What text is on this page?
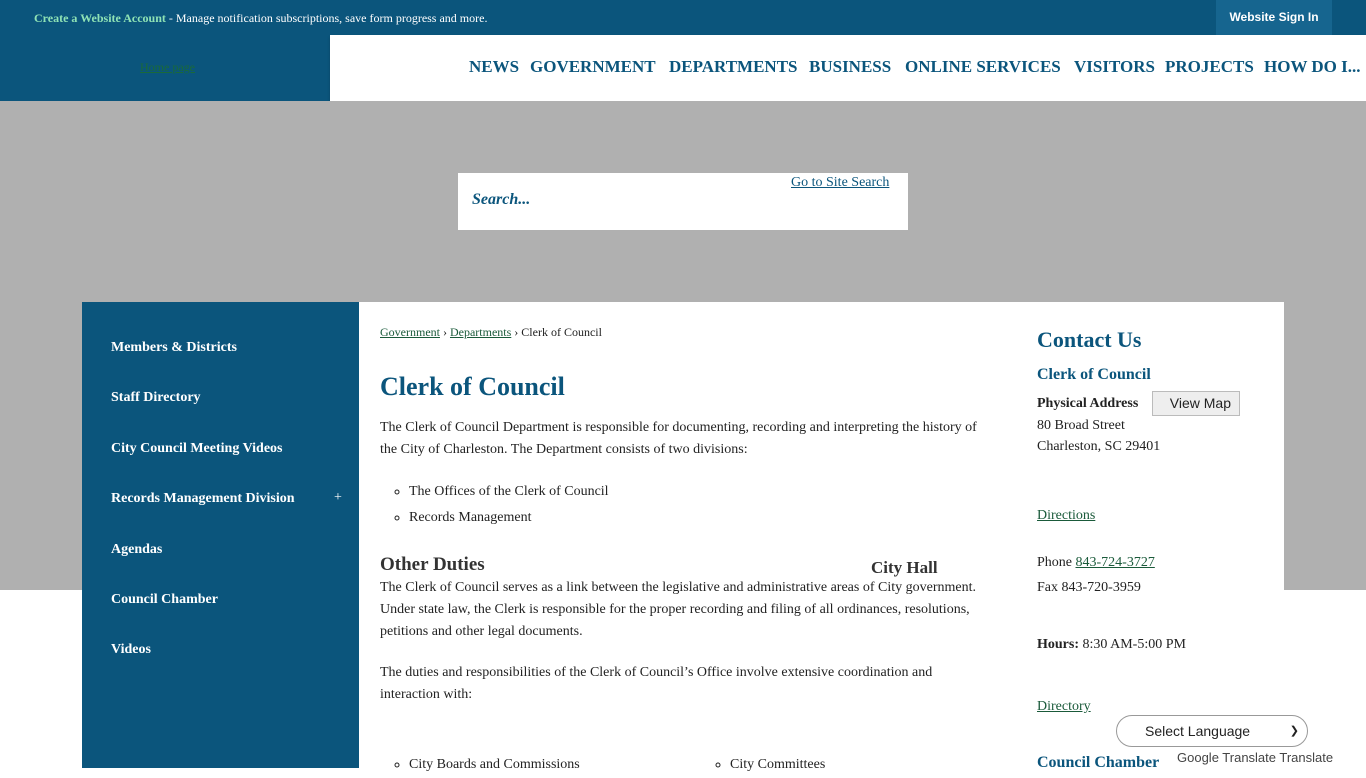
Create a Website Account - Manage notification subscriptions, save form progress and more.	Website Sign In
Home page	NEWS GOVERNMENT DEPARTMENTS BUSINESS ONLINE SERVICES VISITORS PROJECTS HOW DO I...
Search...
Go to Site Search
Members & Districts
Staff Directory
City Council Meeting Videos
Records Management Division	+
Agendas
Council Chamber
Videos
Government › Departments › Clerk of Council
Clerk of Council
The Clerk of Council Department is responsible for documenting, recording and interpreting the history of the City of Charleston. The Department consists of two divisions:
◦ The Offices of the Clerk of Council
◦ Records Management
Other Duties	City Hall
The Clerk of Council serves as a link between the legislative and administrative areas of City government. Under state law, the Clerk is responsible for the proper recording and filing of all ordinances, resolutions, petitions and other legal documents.
The duties and responsibilities of the Clerk of Council’s Office involve extensive coordination and interaction with:
◦ City Boards and Commissions	◦ City Committees
Contact Us
Clerk of Council
Physical Address	View Map
80 Broad Street
Charleston, SC 29401
Directions
Phone 843-724-3727
Fax 843-720-3959
Hours: 8:30 AM-5:00 PM
Directory
Council Chamber
Select Language	❯
Google Translate Translate
